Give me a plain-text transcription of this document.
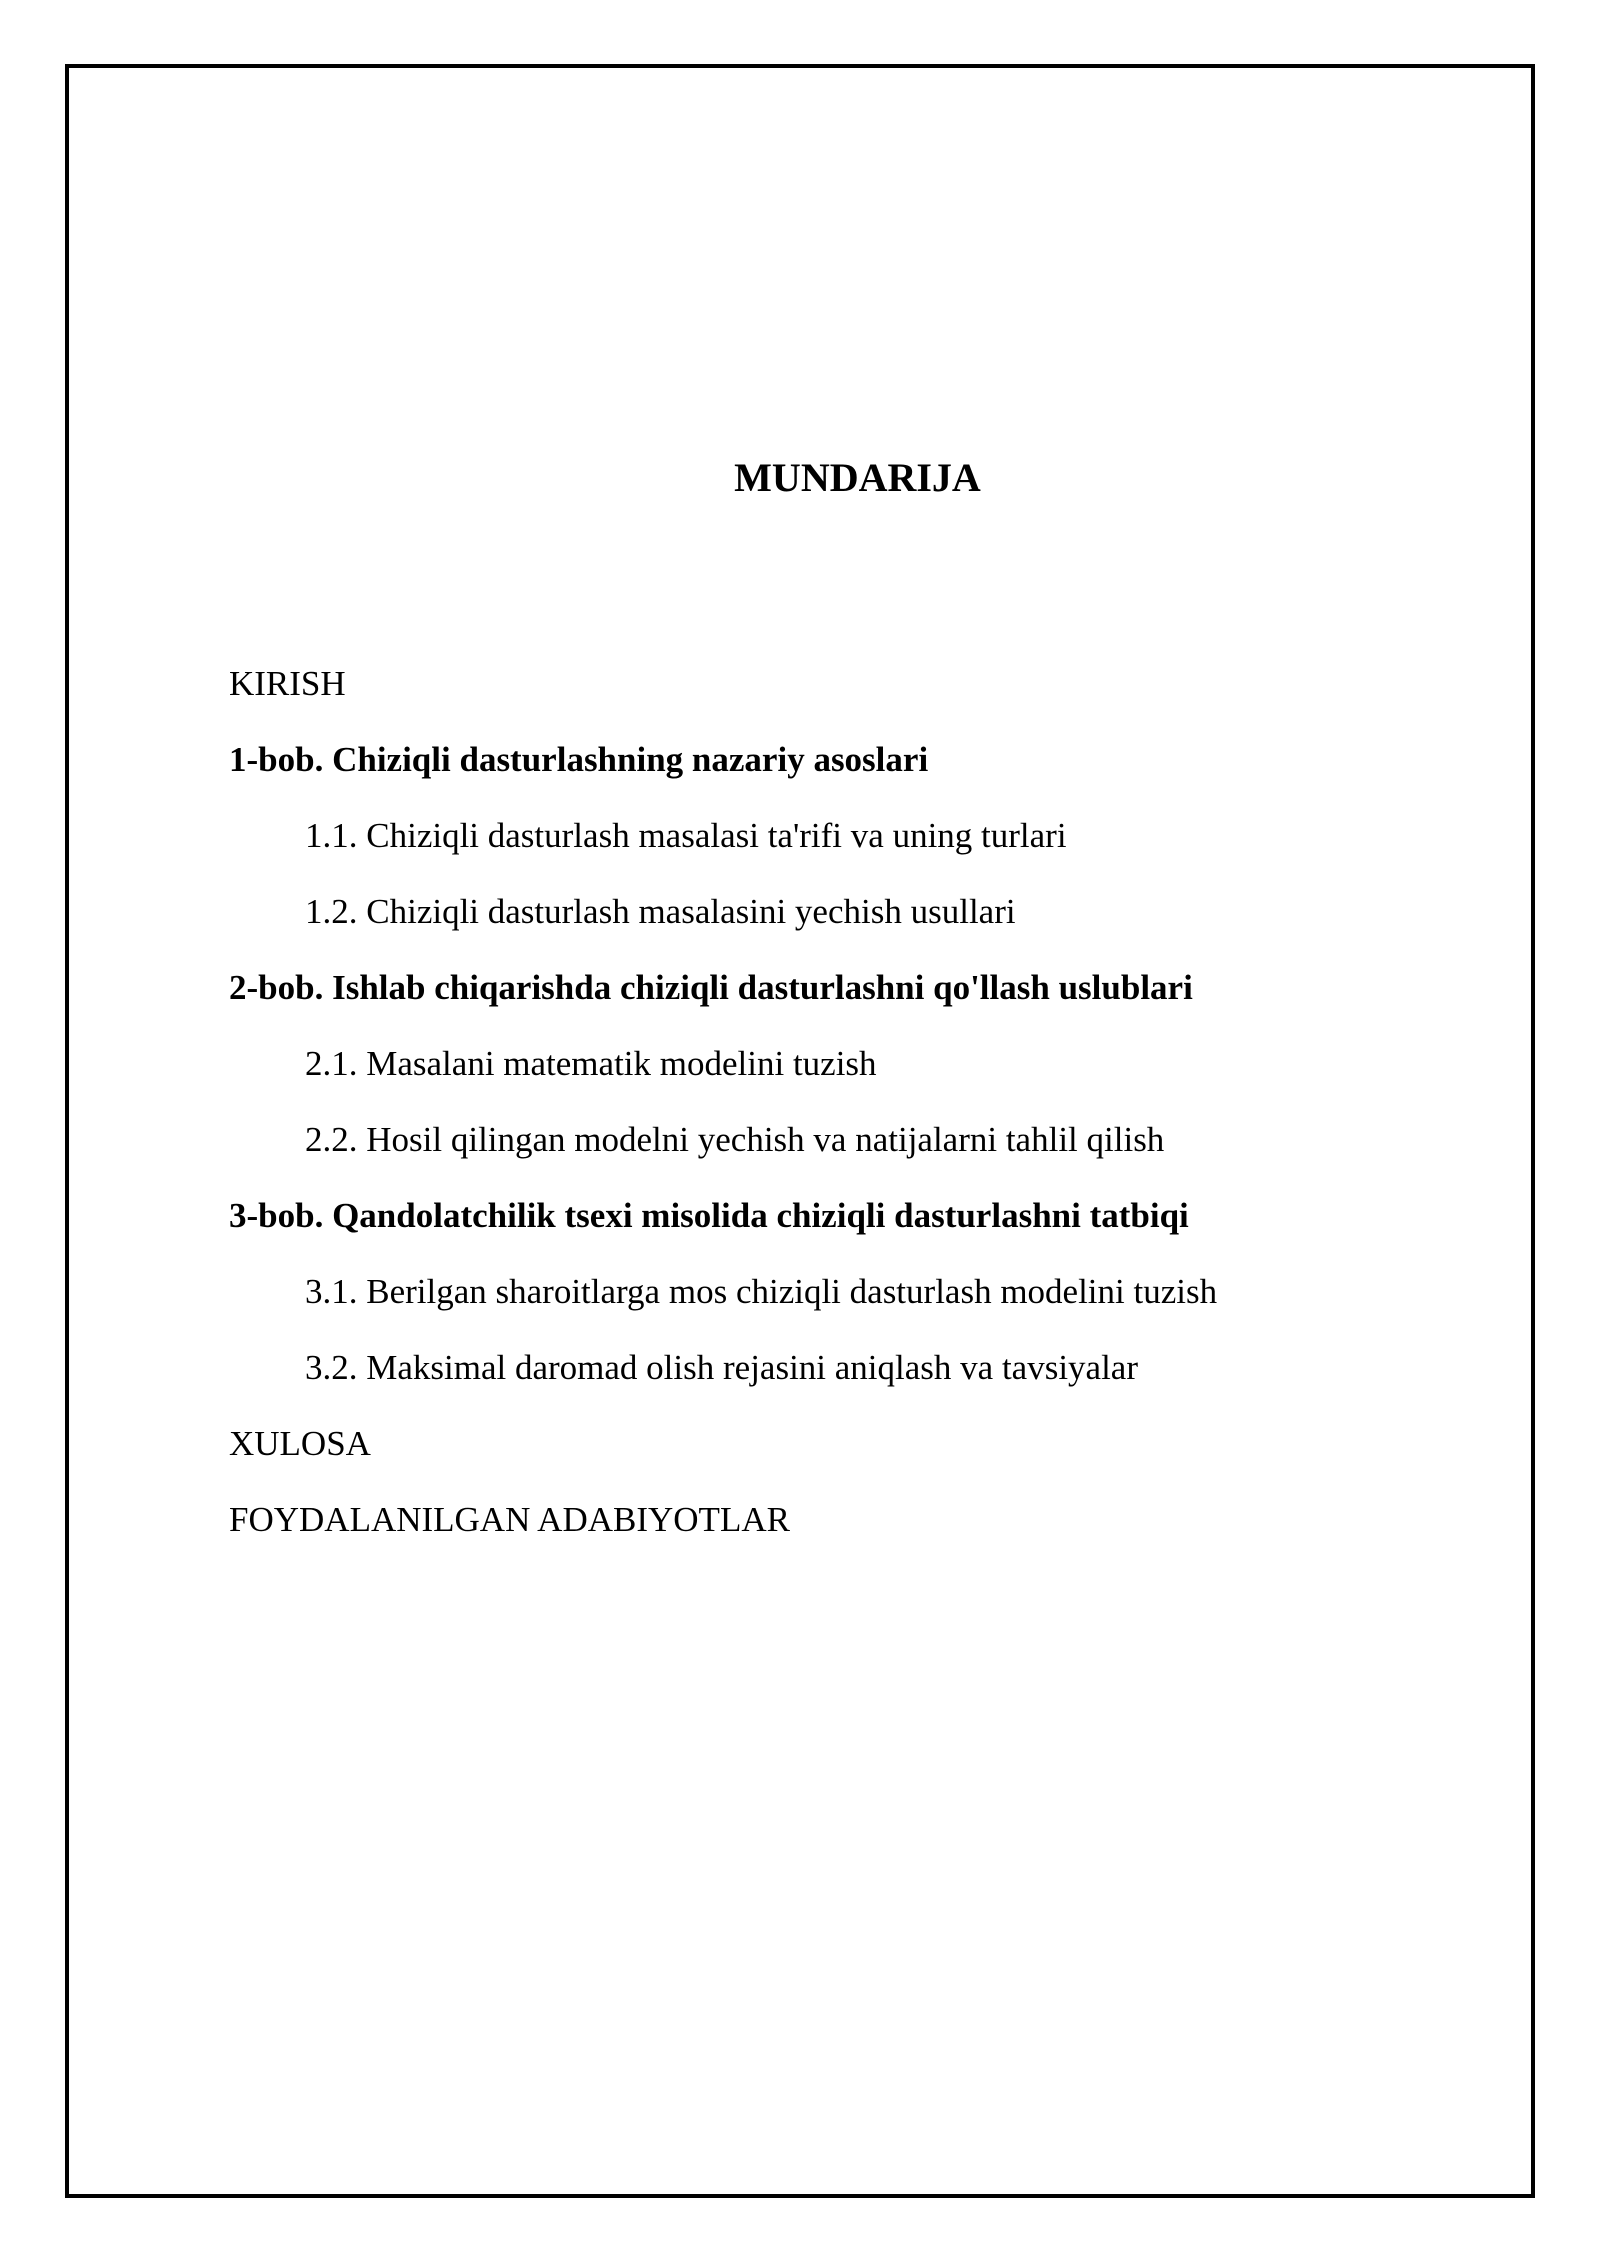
MUNDARIJA
KIRISH
1-bob. Chiziqli dasturlashning nazariy asoslari
1.1. Chiziqli dasturlash masalasi ta'rifi va uning turlari
1.2. Chiziqli dasturlash masalasini yechish usullari
2-bob. Ishlab chiqarishda chiziqli dasturlashni qo'llash uslublari
2.1. Masalani matematik modelini tuzish
2.2. Hosil qilingan modelni yechish va natijalarni tahlil qilish
3-bob. Qandolatchilik tsexi misolida chiziqli dasturlashni tatbiqi
3.1. Berilgan sharoitlarga mos chiziqli dasturlash modelini tuzish
3.2. Maksimal daromad olish rejasini aniqlash va tavsiyalar
XULOSA
FOYDALANILGAN ADABIYOTLAR
